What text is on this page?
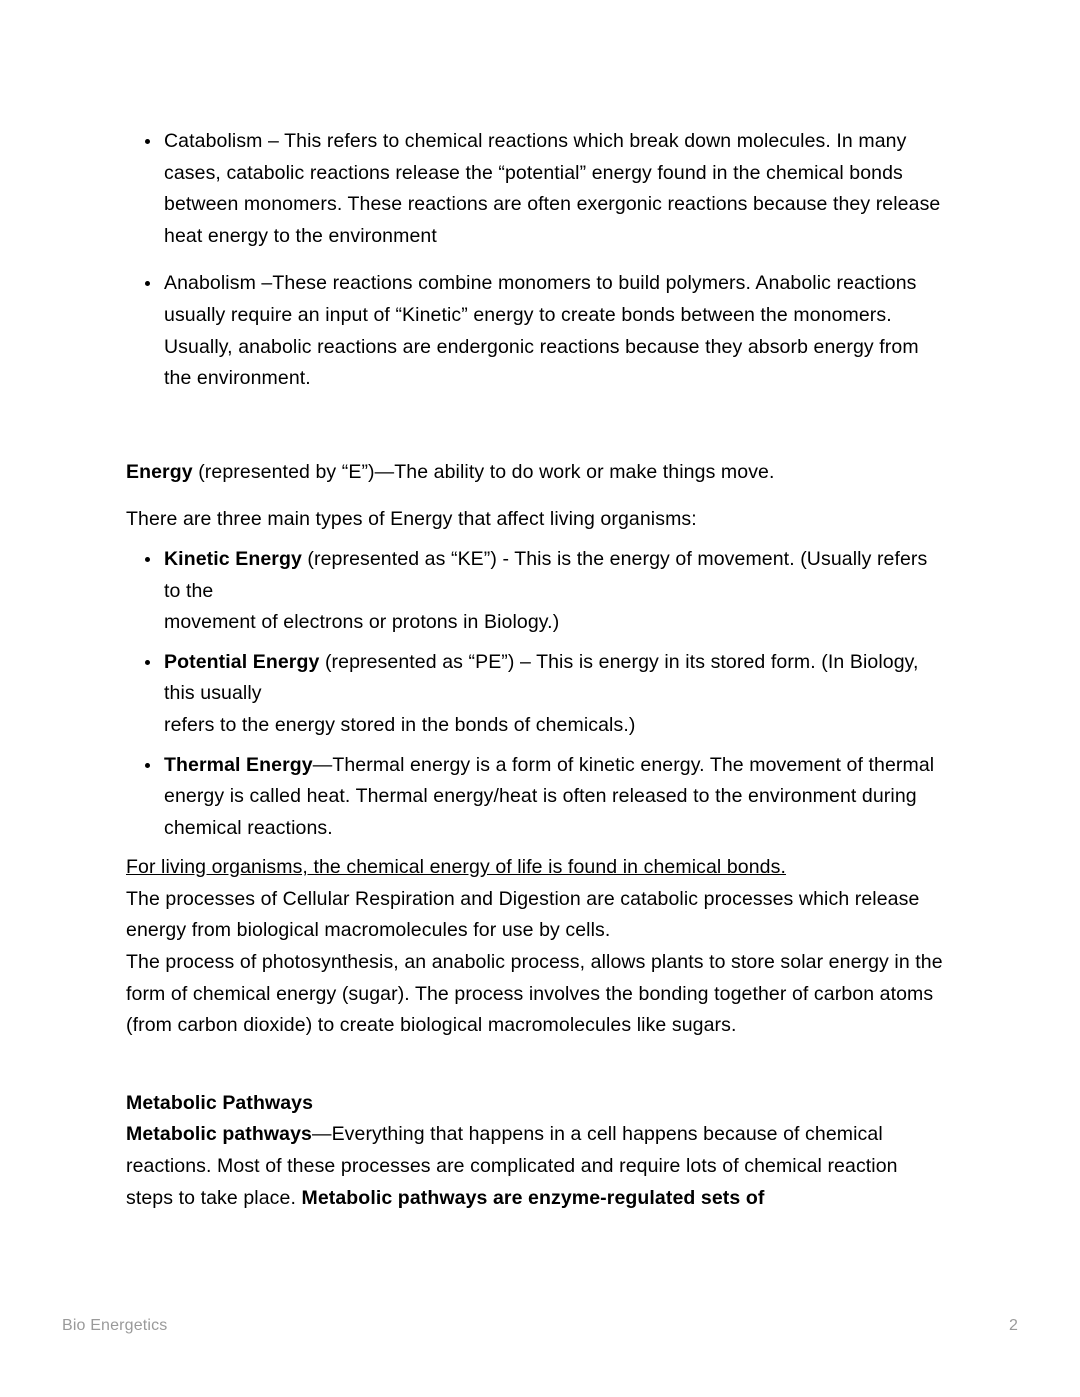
Catabolism – This refers to chemical reactions which break down molecules. In many cases, catabolic reactions release the “potential” energy found in the chemical bonds
between monomers. These reactions are often exergonic reactions because they release heat energy to the environment
Anabolism –These reactions combine monomers to build polymers. Anabolic reactions usually require an input of “Kinetic” energy to create bonds between the monomers. Usually, anabolic reactions are endergonic reactions because they absorb energy from the environment.

Energy (represented by “E”)—The ability to do work or make things move.

There are three main types of Energy that affect living organisms:

Kinetic Energy (represented as “KE”) - This is the energy of movement. (Usually refers to the
movement of electrons or protons in Biology.)
Potential Energy (represented as “PE”) – This is energy in its stored form. (In Biology, this usually
refers to the energy stored in the bonds of chemicals.)
Thermal Energy—Thermal energy is a form of kinetic energy. The movement of thermal energy is called heat. Thermal energy/heat is often released to the environment during chemical reactions.

For living organisms, the chemical energy of life is found in chemical bonds.

The processes of Cellular Respiration and Digestion are catabolic processes which release energy from biological macromolecules for use by cells.

The process of photosynthesis, an anabolic process, allows plants to store solar energy in the form of chemical energy (sugar). The process involves the bonding together of carbon atoms (from carbon dioxide) to create biological macromolecules like sugars.

Metabolic Pathways

Metabolic pathways—Everything that happens in a cell happens because of chemical reactions. Most of these processes are complicated and require lots of chemical reaction steps to take place. Metabolic pathways are enzyme-regulated sets of

Bio Energetics	2
